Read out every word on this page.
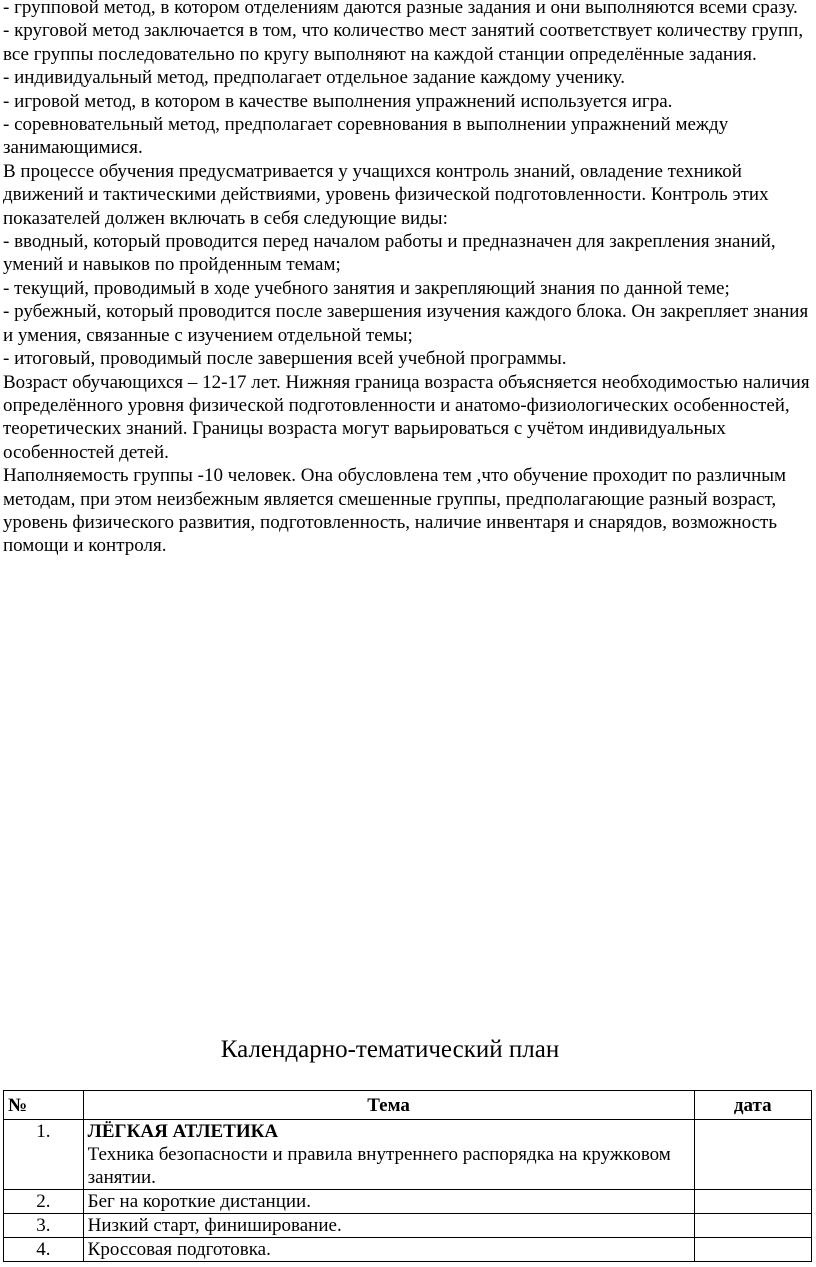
- групповой метод, в котором отделениям даются разные задания и они выполняются всеми сразу.

- круговой метод заключается в том, что количество мест занятий соответствует количеству групп, все группы последовательно по кругу выполняют на каждой станции определённые задания.

- индивидуальный метод, предполагает отдельное задание каждому ученику.

- игровой метод, в котором в качестве выполнения упражнений используется игра.

- соревновательный метод, предполагает соревнования в выполнении упражнений между занимающимися.

В процессе обучения предусматривается у учащихся контроль знаний, овладение техникой движений и тактическими действиями, уровень физической подготовленности. Контроль этих показателей должен включать в себя следующие виды:

- вводный, который проводится перед началом работы и предназначен для закрепления знаний, умений и навыков по пройденным темам;

- текущий, проводимый в ходе учебного занятия и закрепляющий знания по данной теме;

- рубежный, который проводится после завершения изучения каждого блока. Он закрепляет знания и умения, связанные с изучением отдельной темы;

- итоговый, проводимый после завершения всей учебной программы.

Возраст обучающихся – 12-17 лет. Нижняя граница возраста объясняется необходимостью наличия определённого уровня физической подготовленности и анатомо-физиологических особенностей, теоретических знаний. Границы возраста могут варьироваться с учётом индивидуальных особенностей детей.

Наполняемость группы -10 человек. Она обусловлена тем ,что обучение проходит по различным методам, при этом неизбежным является смешенные группы, предполагающие разный возраст, уровень физического развития, подготовленность, наличие инвентаря и снарядов, возможность помощи и контроля.

Календарно-тематический план
№	Тема	дата
1.	ЛЁГКАЯ АТЛЕТИКА
Техника безопасности и правила внутреннего распорядка на кружковом занятии.	

2.	Бег на короткие дистанции.	

3.	Низкий старт, финиширование.	

4.	Кроссовая подготовка.	
